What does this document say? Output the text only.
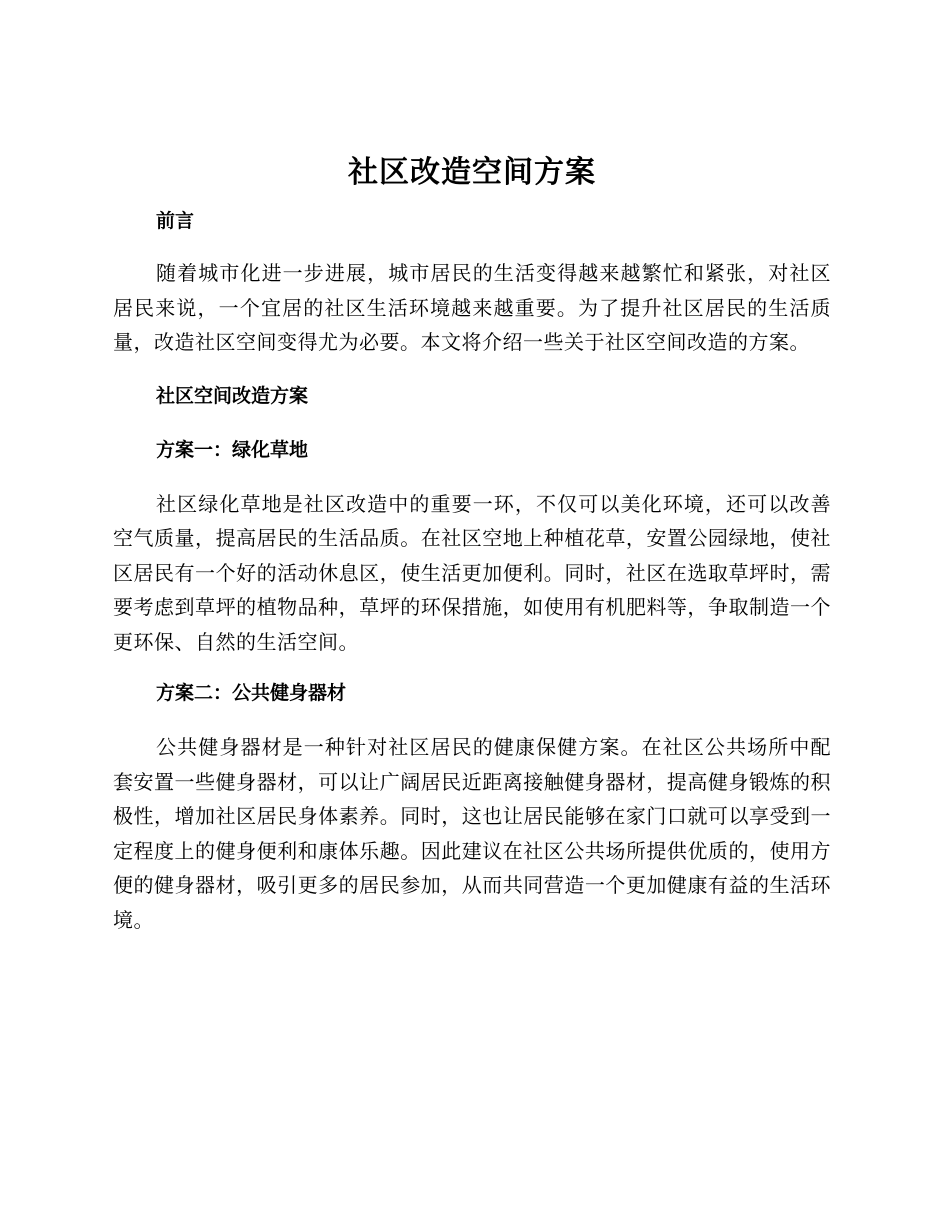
社区改造空间方案
前言

随着城市化进一步进展，城市居民的生活变得越来越繁忙和紧张，对社区居民来说，一个宜居的社区生活环境越来越重要。为了提升社区居民的生活质量，改造社区空间变得尤为必要。本文将介绍一些关于社区空间改造的方案。

社区空间改造方案
方案一：绿化草地

社区绿化草地是社区改造中的重要一环，不仅可以美化环境，还可以改善空气质量，提高居民的生活品质。在社区空地上种植花草，安置公园绿地，使社区居民有一个好的活动休息区，使生活更加便利。同时，社区在选取草坪时，需要考虑到草坪的植物品种，草坪的环保措施，如使用有机肥料等，争取制造一个更环保、自然的生活空间。

方案二：公共健身器材

公共健身器材是一种针对社区居民的健康保健方案。在社区公共场所中配套安置一些健身器材，可以让广阔居民近距离接触健身器材，提高健身锻炼的积极性，增加社区居民身体素养。同时，这也让居民能够在家门口就可以享受到一定程度上的健身便利和康体乐趣。因此建议在社区公共场所提供优质的，使用方便的健身器材，吸引更多的居民参加，从而共同营造一个更加健康有益的生活环境。
